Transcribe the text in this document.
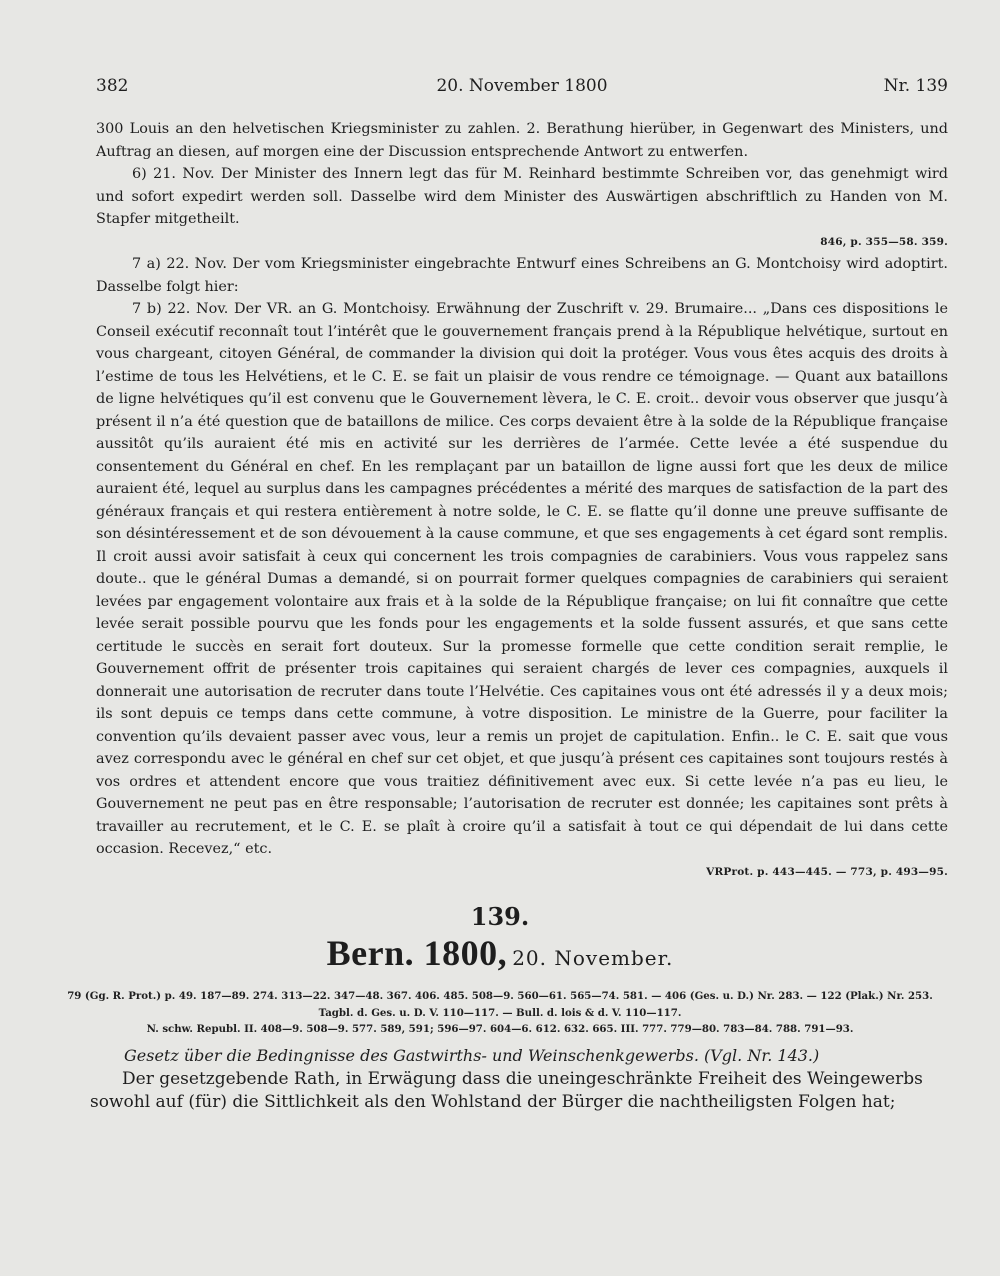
382	20. November 1800	Nr. 139

300 Louis an den helvetischen Kriegsminister zu zahlen. 2. Berathung hierüber, in Gegenwart des Ministers, und Auftrag an diesen, auf morgen eine der Discussion entsprechende Antwort zu entwerfen.

6) 21. Nov. Der Minister des Innern legt das für M. Reinhard bestimmte Schreiben vor, das genehmigt wird und sofort expedirt werden soll. Dasselbe wird dem Minister des Auswärtigen abschriftlich zu Handen von M. Stapfer mitgetheilt.

846, p. 355—58. 359.

7 a) 22. Nov. Der vom Kriegsminister eingebrachte Entwurf eines Schreibens an G. Montchoisy wird adoptirt. Dasselbe folgt hier:

7 b) 22. Nov. Der VR. an G. Montchoisy. Erwähnung der Zuschrift v. 29. Brumaire... „Dans ces dispositions le Conseil exécutif reconnaît tout l’intérêt que le gouvernement français prend à la République helvétique, surtout en vous chargeant, citoyen Général, de commander la division qui doit la protéger. Vous vous êtes acquis des droits à l’estime de tous les Helvétiens, et le C. E. se fait un plaisir de vous rendre ce témoignage. — Quant aux bataillons de ligne helvétiques qu’il est convenu que le Gouvernement lèvera, le C. E. croit.. devoir vous observer que jusqu’à présent il n’a été question que de bataillons de milice. Ces corps devaient être à la solde de la République française aussitôt qu’ils auraient été mis en activité sur les derrières de l’armée. Cette levée a été suspendue du consentement du Général en chef. En les remplaçant par un bataillon de ligne aussi fort que les deux de milice auraient été, lequel au surplus dans les campagnes précédentes a mérité des marques de satisfaction de la part des généraux français et qui restera entièrement à notre solde, le C. E. se flatte qu’il donne une preuve suffisante de son désintéressement et de son dévouement à la cause commune, et que ses engagements à cet égard sont remplis. Il croit aussi avoir satisfait à ceux qui concernent les trois compagnies de carabiniers. Vous vous rappelez sans doute.. que le général Dumas a demandé, si on pourrait former quelques compagnies de carabiniers qui seraient levées par engagement volontaire aux frais et à la solde de la République française; on lui fit connaître que cette levée serait possible pourvu que les fonds pour les engagements et la solde fussent assurés, et que sans cette certitude le succès en serait fort douteux. Sur la promesse formelle que cette condition serait remplie, le Gouvernement offrit de présenter trois capitaines qui seraient chargés de lever ces compagnies, auxquels il donnerait une autorisation de recruter dans toute l’Helvétie. Ces capitaines vous ont été adressés il y a deux mois; ils sont depuis ce temps dans cette commune, à votre disposition. Le ministre de la Guerre, pour faciliter la convention qu’ils devaient passer avec vous, leur a remis un projet de capitulation. Enfin.. le C. E. sait que vous avez correspondu avec le général en chef sur cet objet, et que jusqu’à présent ces capitaines sont toujours restés à vos ordres et attendent encore que vous traitiez définitivement avec eux. Si cette levée n’a pas eu lieu, le Gouvernement ne peut pas en être responsable; l’autorisation de recruter est donnée; les capitaines sont prêts à travailler au recrutement, et le C. E. se plaît à croire qu’il a satisfait à tout ce qui dépendait de lui dans cette occasion. Recevez,“ etc.

VRProt. p. 443—445. — 773, p. 493—95.
139.
Bern. 1800, 20. November.
79 (Gg. R. Prot.) p. 49. 187—89. 274. 313—22. 347—48. 367. 406. 485. 508—9. 560—61. 565—74. 581. — 406 (Ges. u. D.) Nr. 283. — 122 (Plak.) Nr. 253.
Tagbl. d. Ges. u. D. V. 110—117. — Bull. d. lois & d. V. 110—117.
N. schw. Republ. II. 408—9. 508—9. 577. 589, 591; 596—97. 604—6. 612. 632. 665. III. 777. 779—80. 783—84. 788. 791—93.
Gesetz über die Bedingnisse des Gastwirths- und Weinschenkgewerbs. (Vgl. Nr. 143.)

Der gesetzgebende Rath, in Erwägung dass die uneingeschränkte Freiheit des Weingewerbs sowohl auf (für) die Sittlichkeit als den Wohlstand der Bürger die nachtheiligsten Folgen hat;
